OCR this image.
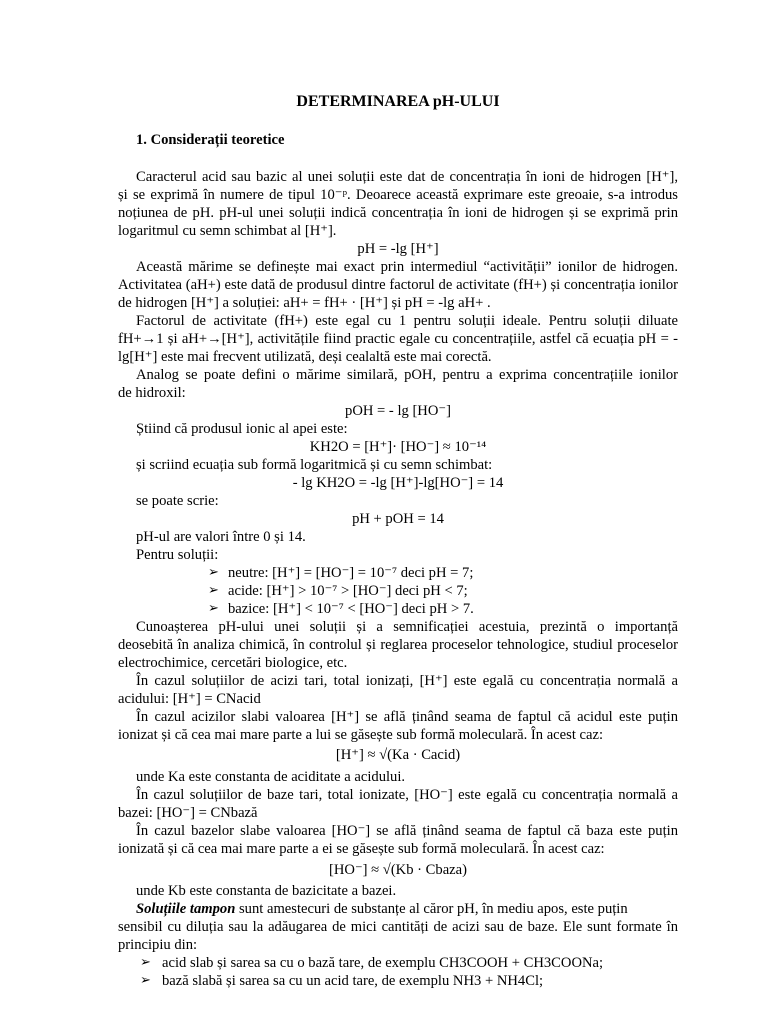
DETERMINAREA pH-ULUI
1. Considerații teoretice
Caracterul acid sau bazic al unei soluții este dat de concentrația în ioni de hidrogen [H⁺],
și se exprimă în numere de tipul 10⁻ᵖ. Deoarece această exprimare este greoaie, s-a introdus
noțiunea de pH. pH-ul unei soluții indică concentrația în ioni de hidrogen și se exprimă prin
logaritmul cu semn schimbat al [H⁺].
pH = -lg [H⁺]
Această mărime se definește mai exact prin intermediul “activității” ionilor de hidrogen.
Activitatea (aH+) este dată de produsul dintre factorul de activitate (fH+) și concentrația ionilor
de hidrogen [H⁺] a soluției: aH+ = fH+ · [H⁺] și pH = -lg aH+ .
Factorul de activitate (fH+) este egal cu 1 pentru soluții ideale. Pentru soluții diluate
fH+→1 și aH+→[H⁺], activitățile fiind practic egale cu concentrațiile, astfel că ecuația pH = -
lg[H⁺] este mai frecvent utilizată, deși cealaltă este mai corectă.
Analog se poate defini o mărime similară, pOH, pentru a exprima concentrațiile ionilor
de hidroxil:
pOH = - lg [HO⁻]
Știind că produsul ionic al apei este:
KH2O = [H⁺]· [HO⁻] ≈ 10⁻¹⁴
și scriind ecuația sub formă logaritmică și cu semn schimbat:
- lg KH2O = -lg [H⁺]-lg[HO⁻] = 14
se poate scrie:
pH + pOH = 14
pH-ul are valori între 0 și 14.
Pentru soluții:
➢ neutre: [H⁺] = [HO⁻] = 10⁻⁷ deci pH = 7;
➢ acide: [H⁺] > 10⁻⁷ > [HO⁻] deci pH < 7;
➢ bazice: [H⁺] < 10⁻⁷ < [HO⁻] deci pH > 7.
Cunoașterea pH-ului unei soluții și a semnificației acestuia, prezintă o importanță
deosebită în analiza chimică, în controlul și reglarea proceselor tehnologice, studiul proceselor
electrochimice, cercetări biologice, etc.
În cazul soluțiilor de acizi tari, total ionizați, [H⁺] este egală cu concentrația normală a
acidului: [H⁺] = CNacid
În cazul acizilor slabi valoarea [H⁺] se află ținând seama de faptul că acidul este puțin
ionizat și că cea mai mare parte a lui se găsește sub formă moleculară. În acest caz:
[H⁺] ≈ √(Ka · Cacid)
unde Ka este constanta de aciditate a acidului.
În cazul soluțiilor de baze tari, total ionizate, [HO⁻] este egală cu concentrația normală a
bazei: [HO⁻] = CNbază
În cazul bazelor slabe valoarea [HO⁻] se află ținând seama de faptul că baza este puțin
ionizată și că cea mai mare parte a ei se găsește sub formă moleculară. În acest caz:
[HO⁻] ≈ √(Kb · Cbaza)
unde Kb este constanta de bazicitate a bazei.
Soluțiile tampon sunt amestecuri de substanțe al căror pH, în mediu apos, este puțin
sensibil cu diluția sau la adăugarea de mici cantități de acizi sau de baze. Ele sunt formate în
principiu din:
➢ acid slab și sarea sa cu o bază tare, de exemplu CH3COOH + CH3COONa;
➢ bază slabă și sarea sa cu un acid tare, de exemplu NH3 + NH4Cl;
